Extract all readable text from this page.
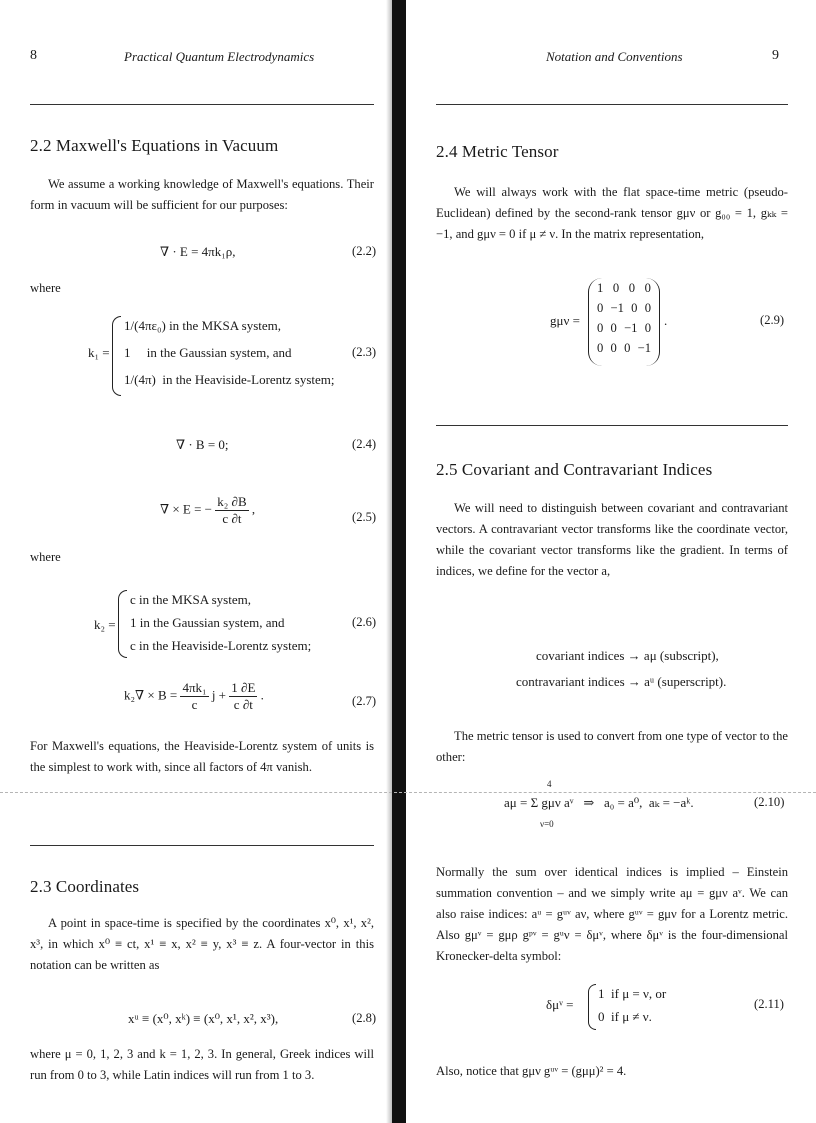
8	Practical Quantum Electrodynamics
2.2 Maxwell's Equations in Vacuum
We assume a working knowledge of Maxwell's equations. Their form in vacuum will be sufficient for our purposes:
∇ · E = 4πk₁ρ,	(2.2)
where
k₁ =
1/(4πε₀) in the MKSA system,
1     in the Gaussian system, and
1/(4π)  in the Heaviside-Lorentz system;
(2.3)
∇ · B = 0;	(2.4)
∇ × E = − $\frac{\text{k₂ ∂B}}{c \partial t}$ ,
(2.5)
where
k₂ =
c in the MKSA system,
1 in the Gaussian system, and
c in the Heaviside-Lorentz system;
(2.6)
$k_2\nabla \times B = \frac{\text{4πk₁}}{c}$ $j + \frac{1 \partial E}{c \partial t}$ .	(2.7)
For Maxwell's equations, the Heaviside-Lorentz system of units is the simplest to work with, since all factors of 4π vanish.
2.3 Coordinates
A point in space-time is specified by the coordinates x⁰, x¹, x², x³, in which x⁰ ≡ ct, x¹ ≡ x, x² ≡ y, x³ ≡ z. A four-vector in this notation can be written as
xᵘ ≡ (x⁰, xᵏ) ≡ (x⁰, x¹, x², x³),	(2.8)
where μ = 0, 1, 2, 3 and k = 1, 2, 3. In general, Greek indices will run from 0 to 3, while Latin indices will run from 1 to 3.
Notation and Conventions	9
2.4 Metric Tensor
We will always work with the flat space-time metric (pseudo-Euclidean) defined by the second-rank tensor gμν or g₀₀ = 1, gₖₖ = −1, and gμν = 0 if μ ≠ ν. In the matrix representation,
gμν =
1 0 0 0
0 −1 0 0
0 0 −1 0
0 0 0 −1
.	(2.9)
2.5 Covariant and Contravariant Indices
We will need to distinguish between covariant and contravariant vectors. A contravariant vector transforms like the coordinate vector, while the covariant vector transforms like the gradient. In terms of indices, we define for the vector a,
covariant indices → aμ (subscript),
contravariant indices → aᵘ (superscript).
The metric tensor is used to convert from one type of vector to the other:
4
aμ = Σ gμν aᵛ   ⇒   a₀ = a⁰,  aₖ = −aᵏ.
ν=0
(2.10)
Normally the sum over identical indices is implied – Einstein summation convention – and we simply write aμ = gμν aᵛ. We can also raise indices: aᵘ = gᵘᵛ aν, where gᵘᵛ = gμν for a Lorentz metric. Also gμᵛ = gμρ gᵖᵛ = gᵘν = δμᵛ, where δμᵛ is the four-dimensional Kronecker-delta symbol:
δμᵛ =
1  if μ = ν, or
0  if μ ≠ ν.
(2.11)
Also, notice that gμν gᵘᵛ = (gμμ)² = 4.
